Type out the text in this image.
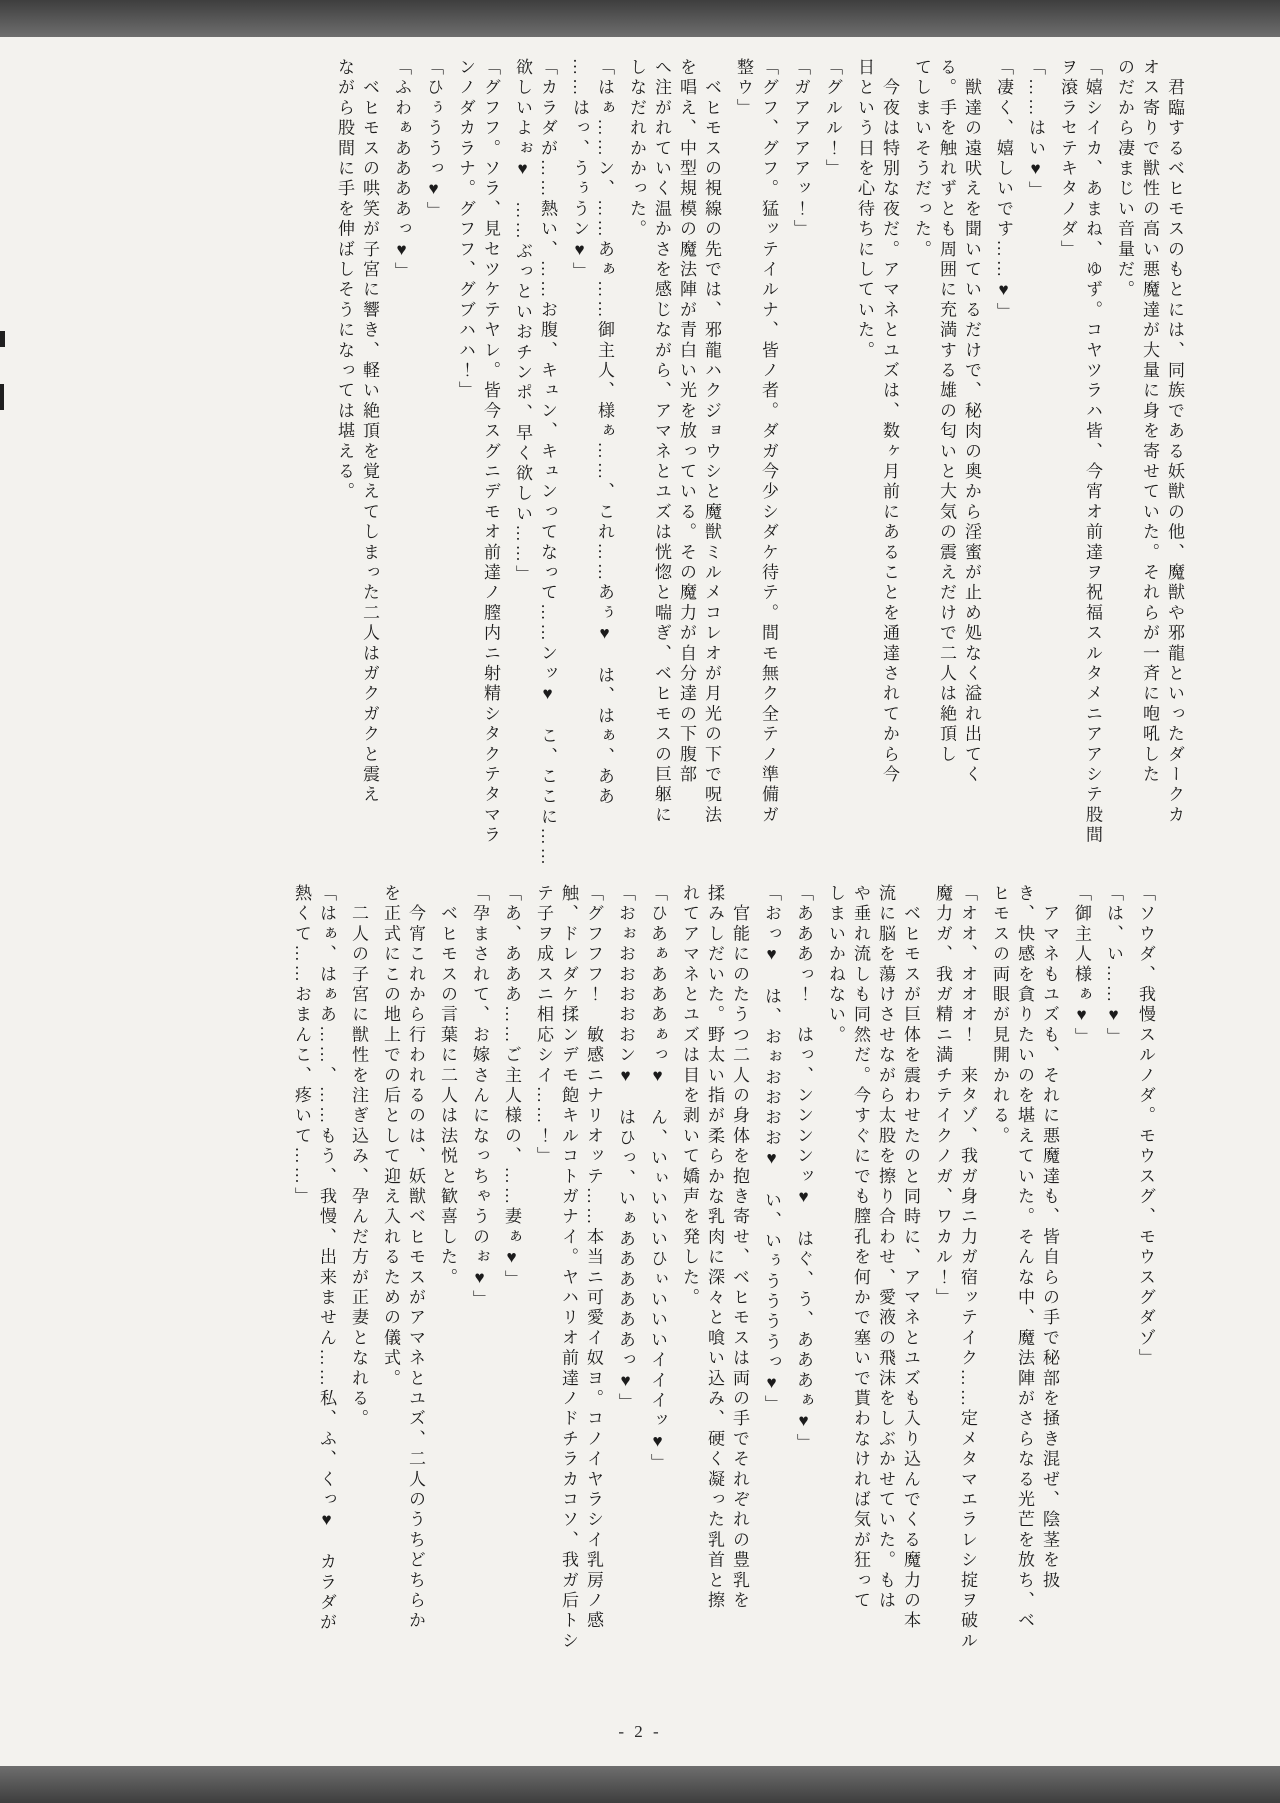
　君臨するベヒモスのもとには、同族である妖獣の他、魔獣や邪龍といったダークカ

オス寄りで獣性の高い悪魔達が大量に身を寄せていた。それらが一斉に咆吼した

のだから凄まじい音量だ。

「嬉シイカ、あまね、ゆず。コヤツラハ皆、今宵オ前達ヲ祝福スルタメニアアシテ股間

ヲ滾ラセテキタノダ」

「……はい♥」

「凄く、嬉しいです……♥」

　獣達の遠吠えを聞いているだけで、秘肉の奥から淫蜜が止め処なく溢れ出てく

る。手を触れずとも周囲に充満する雄の匂いと大気の震えだけで二人は絶頂し

てしまいそうだった。

　今夜は特別な夜だ。アマネとユズは、数ヶ月前にあることを通達されてから今

日という日を心待ちにしていた。

「グルル！」

「ガアアアアッ！」

「グフ、グフ。猛ッテイルナ、皆ノ者。ダガ今少シダケ待テ。間モ無ク全テノ準備ガ

整ウ」

　ベヒモスの視線の先では、邪龍ハクジョウシと魔獣ミルメコレオが月光の下で呪法

を唱え、中型規模の魔法陣が青白い光を放っている。その魔力が自分達の下腹部

へ注がれていく温かさを感じながら、アマネとユズは恍惚と喘ぎ、ベヒモスの巨躯に

しなだれかかった。

「はぁ……ン、……あぁ……御主人、様ぁ……、これ……あぅ♥　は、はぁ、ああ

……はっ、うぅうン♥」

「カラダが……熱い、……お腹、キュン、キュンってなって……ンッ♥　こ、ここに……

欲しいよぉ♥　……ぶっといおチンポ、早く欲しい……」

「グフフ。ソラ、見セツケテヤレ。皆今スグニデモオ前達ノ膣内ニ射精シタクテタマラ

ンノダカラナ。グフフ、グブハハ！」

「ひぅううっ♥」

「ふわぁああああっ♥」

　ベヒモスの哄笑が子宮に響き、軽い絶頂を覚えてしまった二人はガクガクと震え

ながら股間に手を伸ばしそうになっては堪える。

「ソウダ、我慢スルノダ。モウスグ、モウスグダゾ」

「は、い……♥」

「御主人様ぁ♥」

　アマネもユズも、それに悪魔達も、皆自らの手で秘部を掻き混ぜ、陰茎を扱

き、快感を貪りたいのを堪えていた。そんな中、魔法陣がさらなる光芒を放ち、ベ

ヒモスの両眼が見開かれる。

「オオ、オオオ！　来タゾ、我ガ身ニ力ガ宿ッテイク……定メタマエラレシ掟ヲ破ル

魔力ガ、我ガ精ニ満チテイクノガ、ワカル！」

　ベヒモスが巨体を震わせたのと同時に、アマネとユズも入り込んでくる魔力の本

流に脳を蕩けさせながら太股を擦り合わせ、愛液の飛沫をしぶかせていた。もは

や垂れ流しも同然だ。今すぐにでも膣孔を何かで塞いで貰わなければ気が狂って

しまいかねない。

「あああっ！　はっ、ンンンンッ♥　はぐ、う、あああぁ♥」

「おっ♥　は、おぉおおおお♥　い、いぅううううっ♥」

　官能にのたうつ二人の身体を抱き寄せ、ベヒモスは両の手でそれぞれの豊乳を

揉みしだいた。野太い指が柔らかな乳肉に深々と喰い込み、硬く凝った乳首と擦

れてアマネとユズは目を剥いて嬌声を発した。

「ひあぁあああぁっ♥　ん、いぃいいいひぃいいいイイイッ♥」

「おぉおおおおおン♥　はひっ、いぁああああああっ♥」

「グフフフ！　敏感ニナリオッテ……本当ニ可愛イ奴ヨ。コノイヤラシイ乳房ノ感

触、ドレダケ揉ンデモ飽キルコトガナイ。ヤハリオ前達ノドチラカコソ、我ガ后トシ

テ子ヲ成スニ相応シイ……！」

「あ、あああ……ご主人様の、……妻ぁ♥」

「孕まされて、お嫁さんになっちゃうのぉ♥」

　ベヒモスの言葉に二人は法悦と歓喜した。

　今宵これから行われるのは、妖獣ベヒモスがアマネとユズ、二人のうちどちらか

を正式にこの地上での后として迎え入れるための儀式。

　二人の子宮に獣性を注ぎ込み、孕んだ方が正妻となれる。

「はぁ、はぁあ……、……もう、我慢、出来ません……私、ふ、くっ♥　カラダが

熱くて……おまんこ、疼いて……」

- 2 -
